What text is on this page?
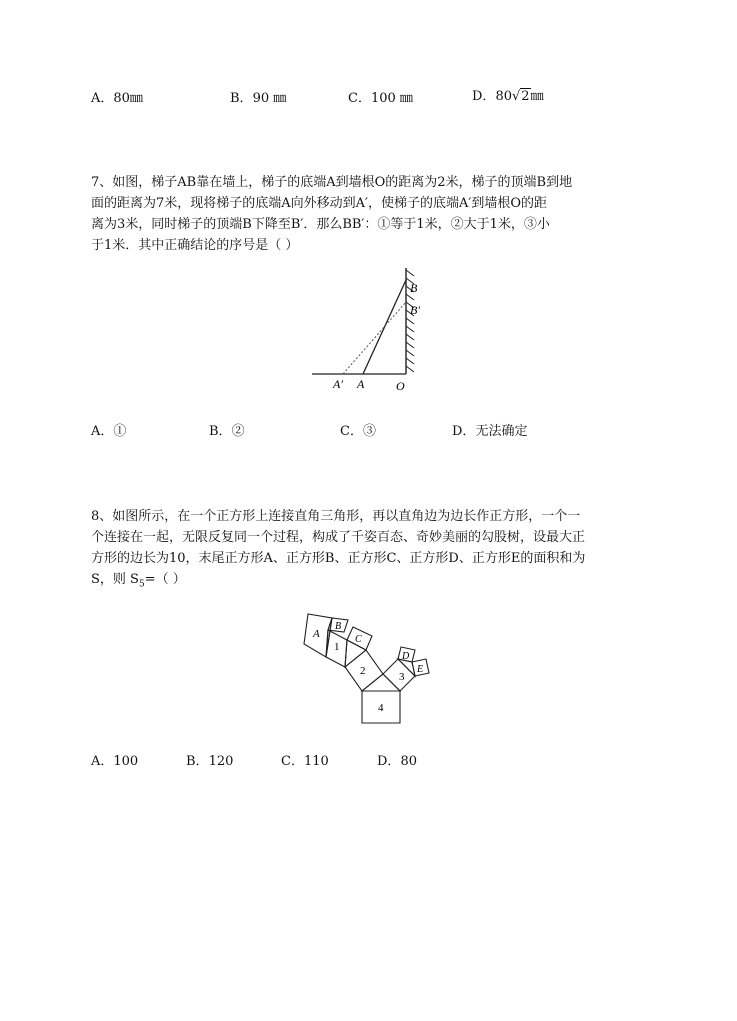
A．80㎜	B．90 ㎜	C．100 ㎜	D．80√2㎜
7、如图，梯子AB靠在墙上，梯子的底端A到墙根O的距离为2米，梯子的顶端B到地
面的距离为7米，现将梯子的底端A向外移动到A′，使梯子的底端A′到墙根O的距
离为3米，同时梯子的顶端B下降至B′．那么BB′：①等于1米，②大于1米，③小
于1米．其中正确结论的序号是（ ）
B
B′
A′ A	O
A．①	B．②	C．③	D．无法确定
8、如图所示，在一个正方形上连接直角三角形，再以直角边为边长作正方形，一个一
个连接在一起，无限反复同一个过程，构成了千姿百态、奇妙美丽的勾股树，设最大正
方形的边长为10，末尾正方形A、正方形B、正方形C、正方形D、正方形E的面积和为
S，则 $S_5=$（ ）
A
B
C
D
E
1
2	3
4
A．100	B．120	C．110	D．80
